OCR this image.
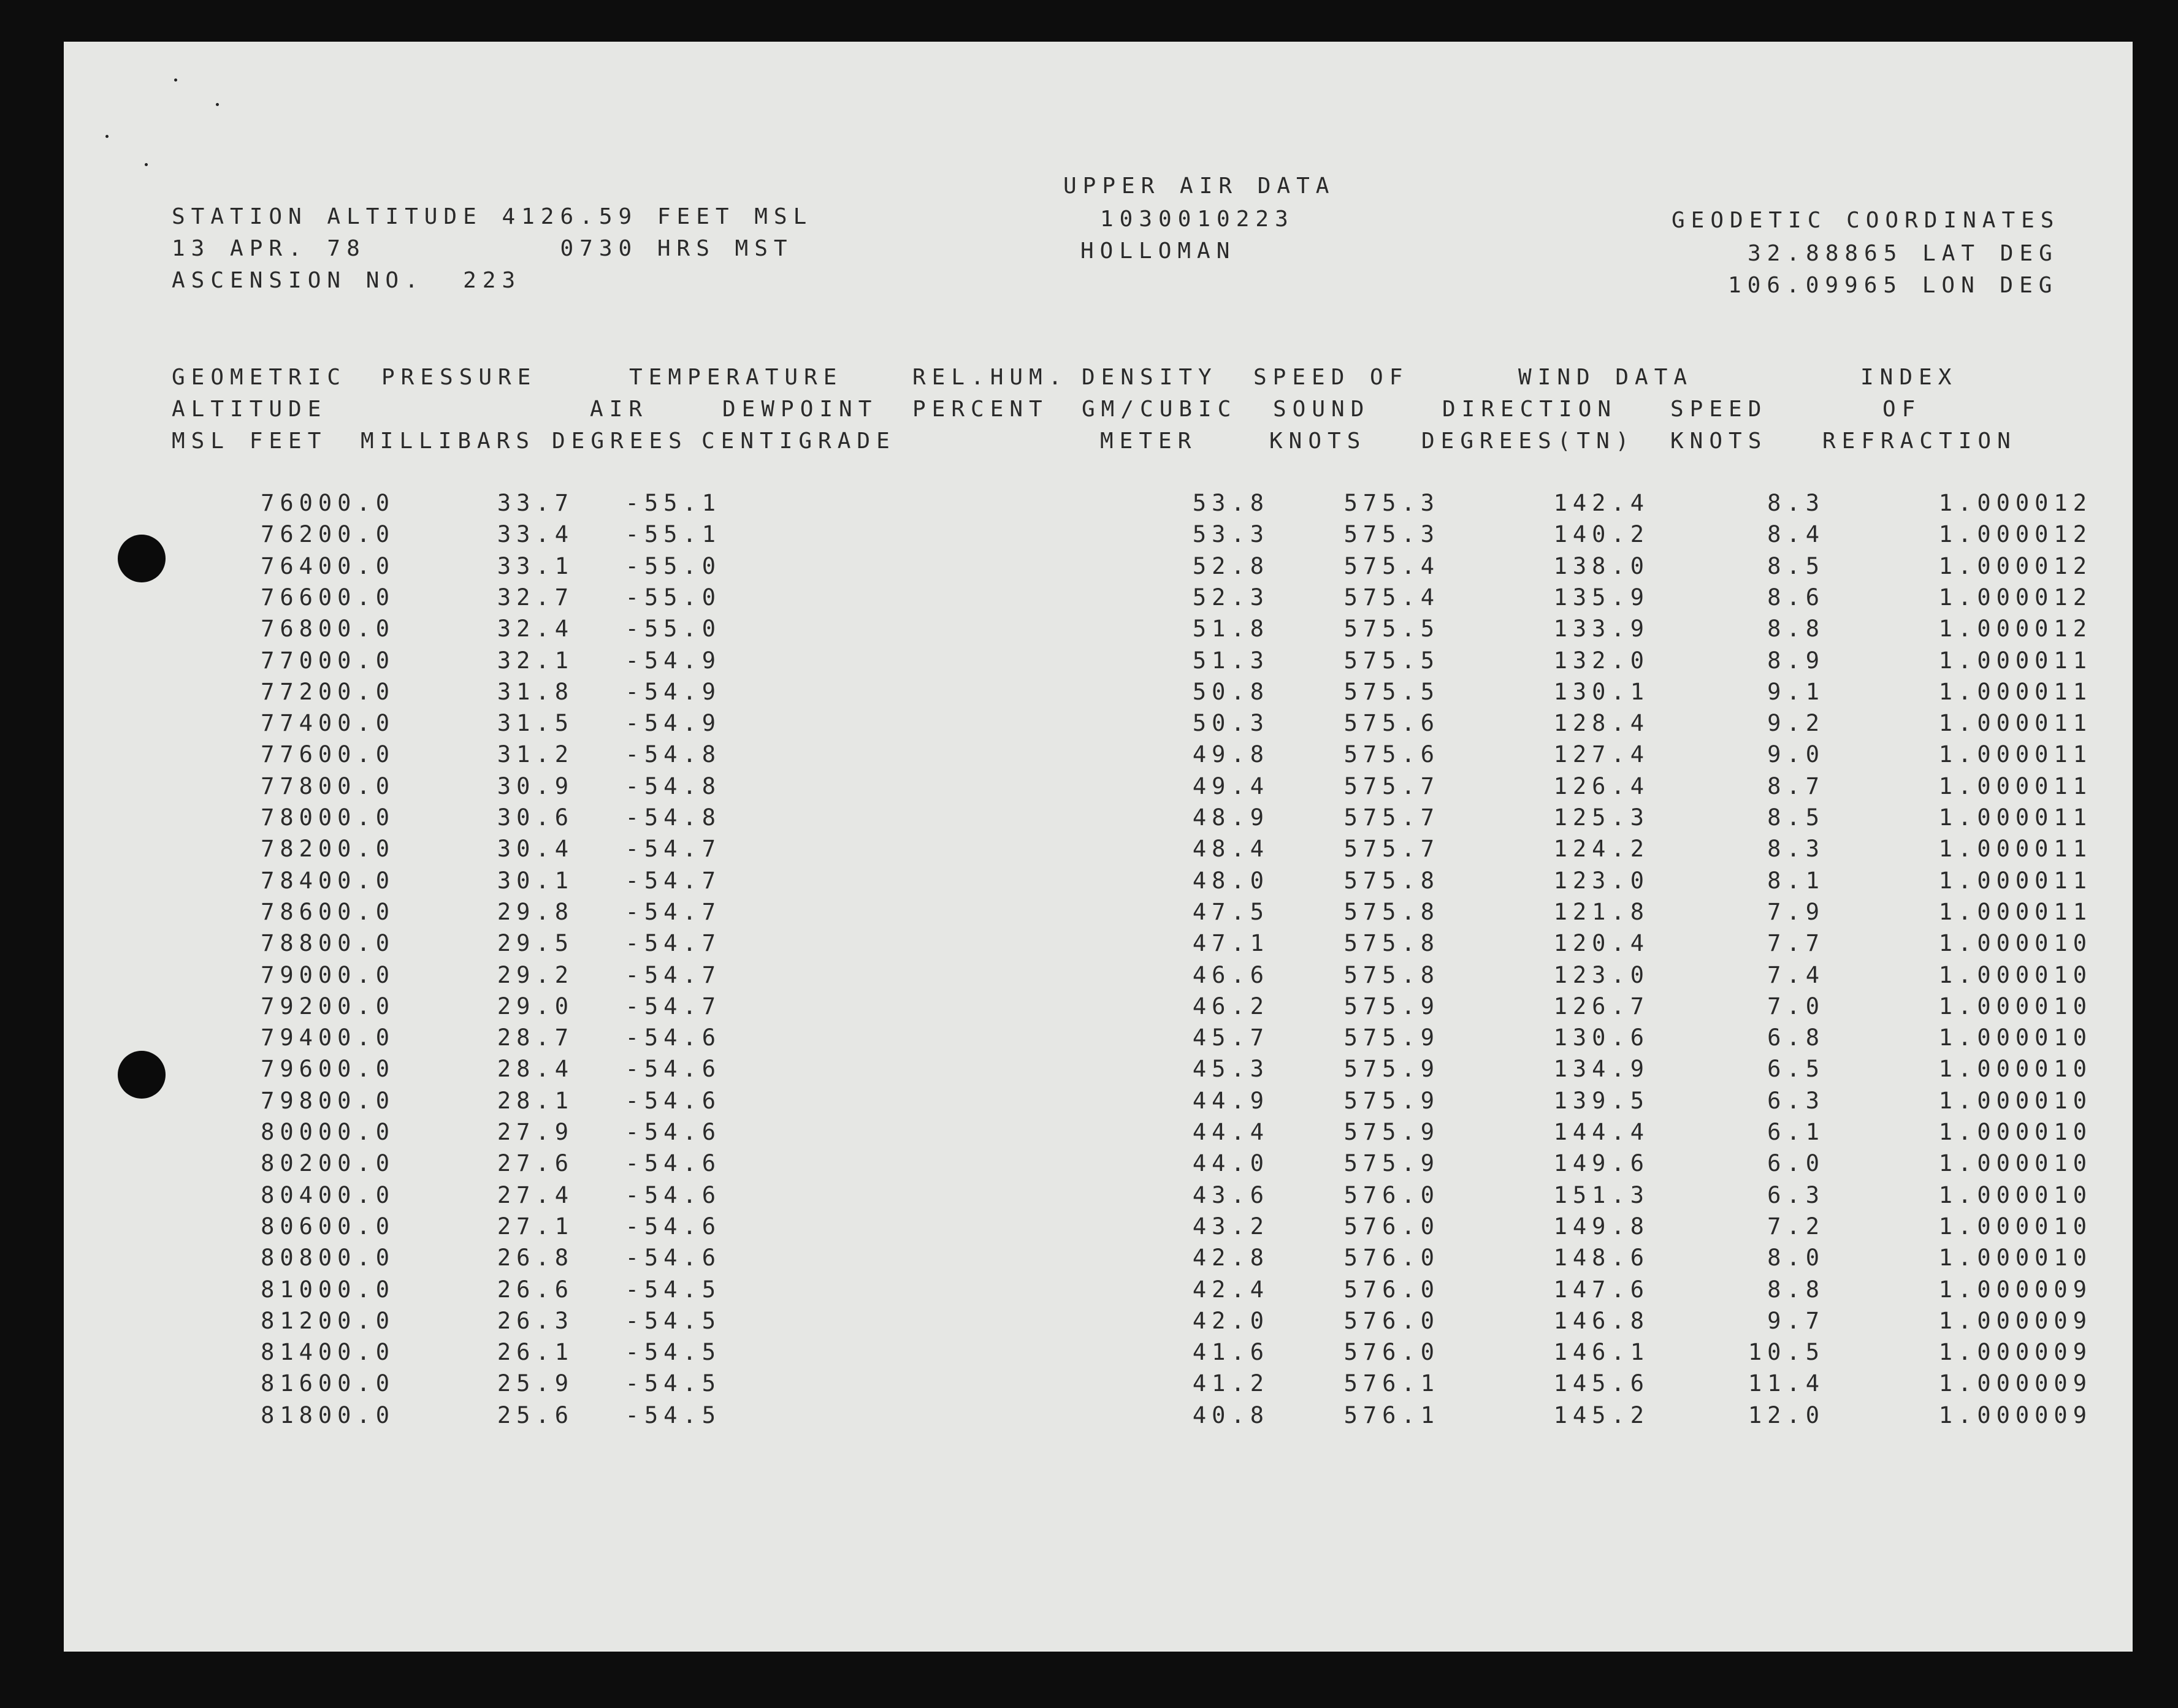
STATION ALTITUDE 4126.59 FEET MSL
13 APR. 78          0730 HRS MST
ASCENSION NO.  223
UPPER AIR DATA
1030010223
HOLLOMAN
GEODETIC COORDINATES
32.88865 LAT DEG
106.09965 LON DEG
GEOMETRIC PRESSURE	TEMPERATURE	REL.HUM. DENSITY SPEED OF	WIND DATA	INDEX
ALTITUDE	AIR	DEWPOINT PERCENT GM/CUBIC SOUND	DIRECTION SPEED	OF
MSL FEET MILLIBARS DEGREES CENTIGRADE	METER	KNOTS DEGREES(TN) KNOTS REFRACTION
76000.0	33.7 -55.1	53.8	575.3	142.4	8.3	1.000012
76200.0	33.4 -55.1	53.3	575.3	140.2	8.4	1.000012
76400.0	33.1 -55.0	52.8	575.4	138.0	8.5	1.000012
76600.0	32.7 -55.0	52.3	575.4	135.9	8.6	1.000012
76800.0	32.4 -55.0	51.8	575.5	133.9	8.8	1.000012
77000.0	32.1 -54.9	51.3	575.5	132.0	8.9	1.000011
77200.0	31.8 -54.9	50.8	575.5	130.1	9.1	1.000011
77400.0	31.5 -54.9	50.3	575.6	128.4	9.2	1.000011
77600.0	31.2 -54.8	49.8	575.6	127.4	9.0	1.000011
77800.0	30.9 -54.8	49.4	575.7	126.4	8.7	1.000011
78000.0	30.6 -54.8	48.9	575.7	125.3	8.5	1.000011
78200.0	30.4 -54.7	48.4	575.7	124.2	8.3	1.000011
78400.0	30.1 -54.7	48.0	575.8	123.0	8.1	1.000011
78600.0	29.8 -54.7	47.5	575.8	121.8	7.9	1.000011
78800.0	29.5 -54.7	47.1	575.8	120.4	7.7	1.000010
79000.0	29.2 -54.7	46.6	575.8	123.0	7.4	1.000010
79200.0	29.0 -54.7	46.2	575.9	126.7	7.0	1.000010
79400.0	28.7 -54.6	45.7	575.9	130.6	6.8	1.000010
79600.0	28.4 -54.6	45.3	575.9	134.9	6.5	1.000010
79800.0	28.1 -54.6	44.9	575.9	139.5	6.3	1.000010
80000.0	27.9 -54.6	44.4	575.9	144.4	6.1	1.000010
80200.0	27.6 -54.6	44.0	575.9	149.6	6.0	1.000010
80400.0	27.4 -54.6	43.6	576.0	151.3	6.3	1.000010
80600.0	27.1 -54.6	43.2	576.0	149.8	7.2	1.000010
80800.0	26.8 -54.6	42.8	576.0	148.6	8.0	1.000010
81000.0	26.6 -54.5	42.4	576.0	147.6	8.8	1.000009
81200.0	26.3 -54.5	42.0	576.0	146.8	9.7	1.000009
81400.0	26.1 -54.5	41.6	576.0	146.1	10.5	1.000009
81600.0	25.9 -54.5	41.2	576.1	145.6	11.4	1.000009
81800.0	25.6 -54.5	40.8	576.1	145.2	12.0	1.000009
